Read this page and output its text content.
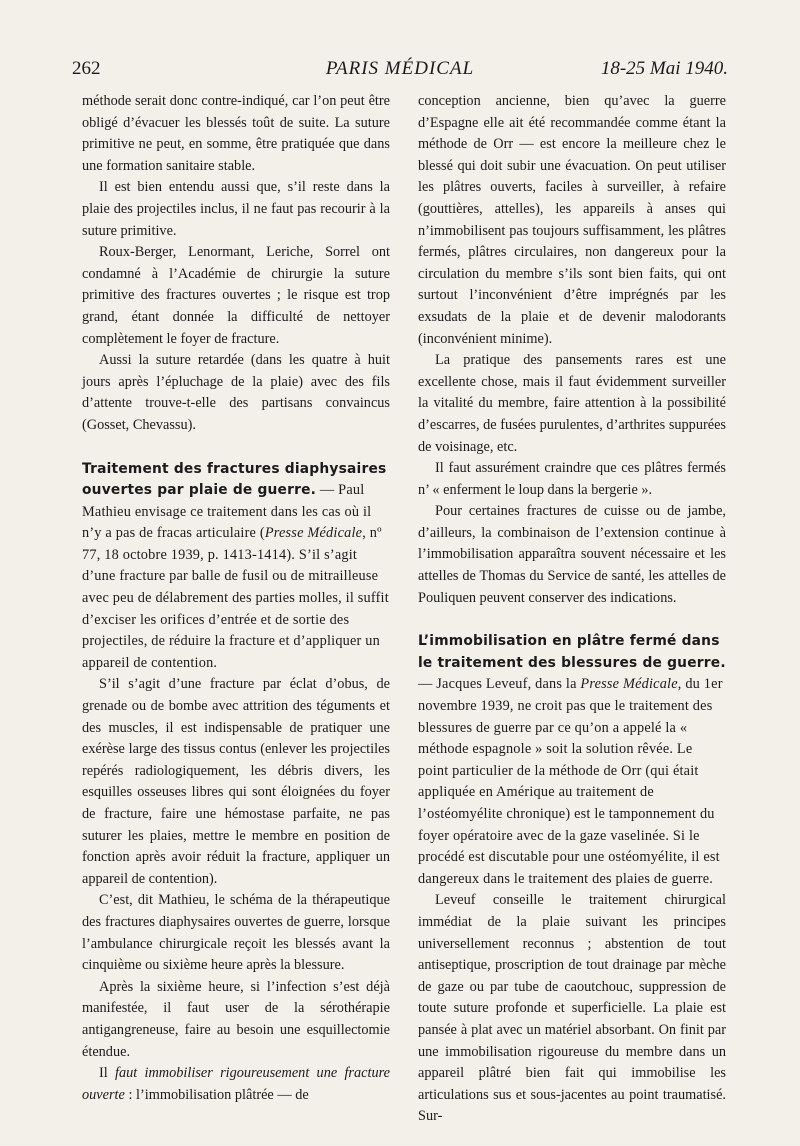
262	PARIS MÉDICAL	18-25 Mai 1940.

méthode serait donc contre-indiqué, car l’on peut être obligé d’évacuer les blessés toût de suite. La suture primitive ne peut, en somme, être pratiquée que dans une formation sanitaire stable.

Il est bien entendu aussi que, s’il reste dans la plaie des projectiles inclus, il ne faut pas recourir à la suture primitive.

Roux-Berger, Lenormant, Leriche, Sorrel ont condamné à l’Académie de chirurgie la suture primitive des fractures ouvertes ; le risque est trop grand, étant donnée la difficulté de nettoyer complètement le foyer de fracture.

Aussi la suture retardée (dans les quatre à huit jours après l’épluchage de la plaie) avec des fils d’attente trouve-t-elle des partisans convaincus (Gosset, Chevassu).

Traitement des fractures diaphysaires ouvertes par plaie de guerre. — Paul Mathieu envisage ce traitement dans les cas où il n’y a pas de fracas articulaire (Presse Médicale, nº 77, 18 octobre 1939, p. 1413-1414). S’il s’agit d’une fracture par balle de fusil ou de mitrailleuse avec peu de délabrement des parties molles, il suffit d’exciser les orifices d’entrée et de sortie des projectiles, de réduire la fracture et d’appliquer un appareil de contention.

S’il s’agit d’une fracture par éclat d’obus, de grenade ou de bombe avec attrition des téguments et des muscles, il est indispensable de pratiquer une exérèse large des tissus contus (enlever les projectiles repérés radiologiquement, les débris divers, les esquilles osseuses libres qui sont éloignées du foyer de fracture, faire une hémostase parfaite, ne pas suturer les plaies, mettre le membre en position de fonction après avoir réduit la fracture, appliquer un appareil de contention).

C’est, dit Mathieu, le schéma de la thérapeutique des fractures diaphysaires ouvertes de guerre, lorsque l’ambulance chirurgicale reçoit les blessés avant la cinquième ou sixième heure après la blessure.

Après la sixième heure, si l’infection s’est déjà manifestée, il faut user de la sérothérapie antigangreneuse, faire au besoin une esquillectomie étendue.

Il faut immobiliser rigoureusement une fracture ouverte : l’immobilisation plâtrée — de

conception ancienne, bien qu’avec la guerre d’Espagne elle ait été recommandée comme étant la méthode de Orr — est encore la meilleure chez le blessé qui doit subir une évacuation. On peut utiliser les plâtres ouverts, faciles à surveiller, à refaire (gouttières, attelles), les appareils à anses qui n’immobilisent pas toujours suffisamment, les plâtres fermés, plâtres circulaires, non dangereux pour la circulation du membre s’ils sont bien faits, qui ont surtout l’inconvénient d’être imprégnés par les exsudats de la plaie et de devenir malodorants (inconvénient minime).

La pratique des pansements rares est une excellente chose, mais il faut évidemment surveiller la vitalité du membre, faire attention à la possibilité d’escarres, de fusées purulentes, d’arthrites suppurées de voisinage, etc.

Il faut assurément craindre que ces plâtres fermés n’ « enferment le loup dans la bergerie ».

Pour certaines fractures de cuisse ou de jambe, d’ailleurs, la combinaison de l’extension continue à l’immobilisation apparaîtra souvent nécessaire et les attelles de Thomas du Service de santé, les attelles de Pouliquen peuvent conserver des indications.

L’immobilisation en plâtre fermé dans le traitement des blessures de guerre. — Jacques Leveuf, dans la Presse Médicale, du 1er novembre 1939, ne croit pas que le traitement des blessures de guerre par ce qu’on a appelé la « méthode espagnole » soit la solution rêvée. Le point particulier de la méthode de Orr (qui était appliquée en Amérique au traitement de l’ostéomyélite chronique) est le tamponnement du foyer opératoire avec de la gaze vaselinée. Si le procédé est discutable pour une ostéomyélite, il est dangereux dans le traitement des plaies de guerre.

Leveuf conseille le traitement chirurgical immédiat de la plaie suivant les principes universellement reconnus ; abstention de tout antiseptique, proscription de tout drainage par mèche de gaze ou par tube de caoutchouc, suppression de toute suture profonde et superficielle. La plaie est pansée à plat avec un matériel absorbant. On finit par une immobilisation rigoureuse du membre dans un appareil plâtré bien fait qui immobilise les articulations sus et sous-jacentes au point traumatisé. Sur-
